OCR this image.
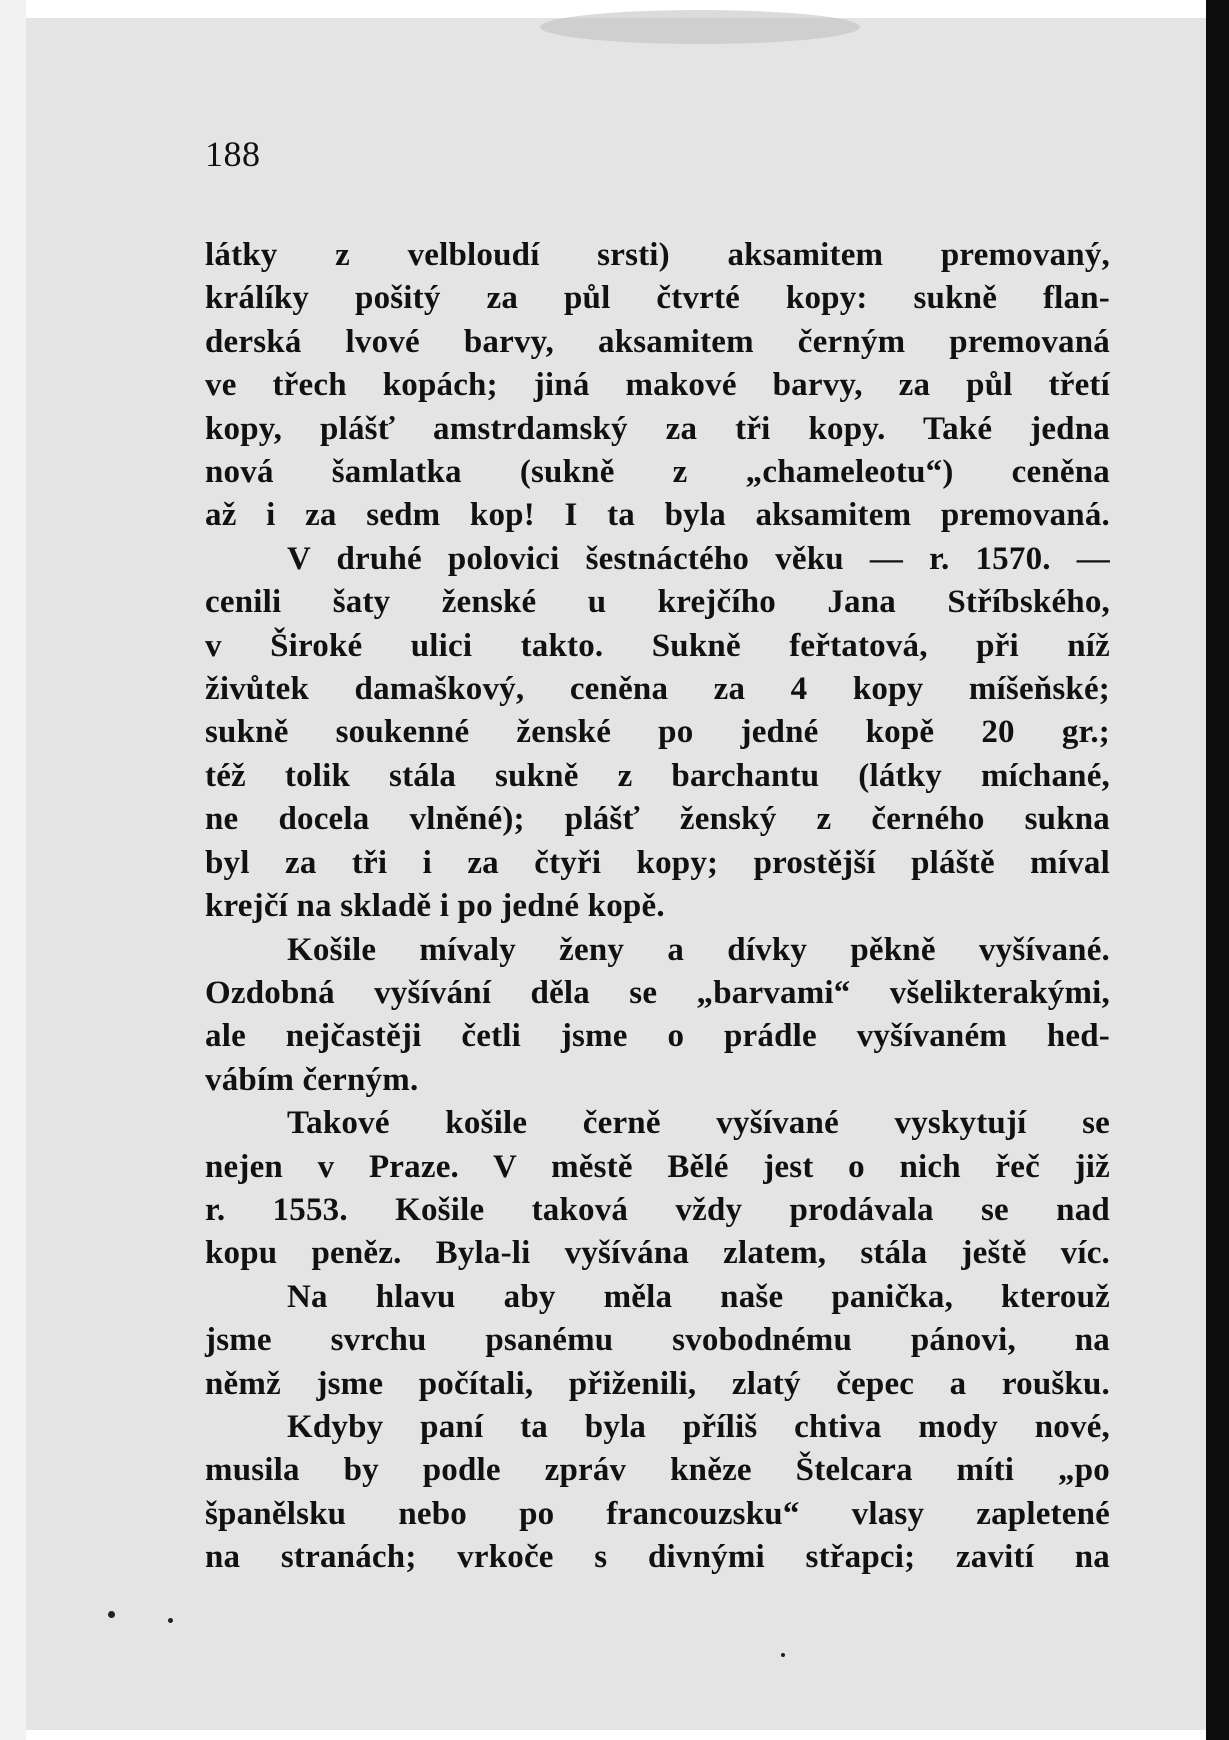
188

látky z velbloudí srsti) aksamitem premovaný,
králíky pošitý za půl čtvrté kopy: sukně flan-
derská lvové barvy, aksamitem černým premovaná
ve třech kopách; jiná makové barvy, za půl třetí
kopy, plášť amstrdamský za tři kopy. Také jedna
nová šamlatka (sukně z „chameleotu“) ceněna
až i za sedm kop! I ta byla aksamitem premovaná.
V druhé polovici šestnáctého věku — r. 1570. —
cenili šaty ženské u krejčího Jana Stříbského,
v Široké ulici takto. Sukně feřtatová, při níž
živůtek damaškový, ceněna za 4 kopy míšeňské;
sukně soukenné ženské po jedné kopě 20 gr.;
též tolik stála sukně z barchantu (látky míchané,
ne docela vlněné); plášť ženský z černého sukna
byl za tři i za čtyři kopy; prostější pláště míval
krejčí na skladě i po jedné kopě.
Košile mívaly ženy a dívky pěkně vyšívané.
Ozdobná vyšívání děla se „barvami“ všelikterakými,
ale nejčastěji četli jsme o prádle vyšívaném hed-
vábím černým.
Takové košile černě vyšívané vyskytují se
nejen v Praze. V městě Bělé jest o nich řeč již
r. 1553. Košile taková vždy prodávala se nad
kopu peněz. Byla-li vyšívána zlatem, stála ještě víc.
Na hlavu aby měla naše panička, kterouž
jsme svrchu psanému svobodnému pánovi, na
němž jsme počítali, přiženili, zlatý čepec a roušku.
Kdyby paní ta byla příliš chtiva mody nové,
musila by podle zpráv kněze Štelcara míti „po
španělsku nebo po francouzsku“ vlasy zapletené
na stranách; vrkoče s divnými střapci; zavití na
